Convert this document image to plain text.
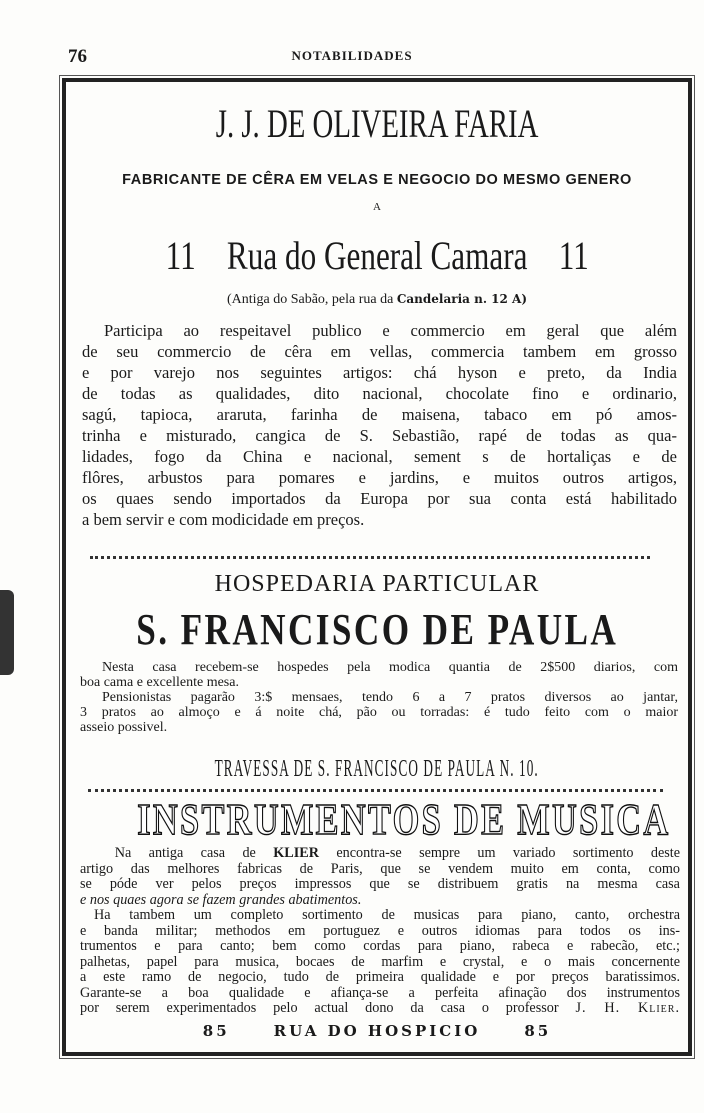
76	NOTABILIDADES
J. J. DE OLIVEIRA FARIA
FABRICANTE DE CÊRA EM VELAS E NEGOCIO DO MESMO GENERO
A
11 Rua do General Camara 11
(Antiga do Sabão, pela rua da Candelaria n. 12 A)
Participa ao respeitavel publico e commercio em geral que além
de seu commercio de cêra em vellas, commercia tambem em grosso
e por varejo nos seguintes artigos: chá hyson e preto, da India
de todas as qualidades, dito nacional, chocolate fino e ordinario,
sagú, tapioca, araruta, farinha de maisena, tabaco em pó amos-
trinha e misturado, cangica de S. Sebastião, rapé de todas as qua-
lidades, fogo da China e nacional, sement s de hortaliças e de
flôres, arbustos para pomares e jardins, e muitos outros artigos,
os quaes sendo importados da Europa por sua conta está habilitado
a bem servir e com modicidade em preços.
HOSPEDARIA PARTICULAR
S. FRANCISCO DE PAULA
Nesta casa recebem-se hospedes pela modica quantia de 2$500 diarios, com
boa cama e excellente mesa.
Pensionistas pagarão 3:$ mensaes, tendo 6 a 7 pratos diversos ao jantar,
3 pratos ao almoço e á noite chá, pão ou torradas: é tudo feito com o maior
asseio possivel.
TRAVESSA DE S. FRANCISCO DE PAULA N. 10.
INSTRUMENTOS DE MUSICA
Na antiga casa de KLIER encontra-se sempre um variado sortimento deste
artigo das melhores fabricas de Paris, que se vendem muito em conta, como
se póde ver pelos preços impressos que se distribuem gratis na mesma casa
e nos quaes agora se fazem grandes abatimentos.
Ha tambem um completo sortimento de musicas para piano, canto, orchestra
e banda militar; methodos em portuguez e outros idiomas para todos os ins-
trumentos e para canto; bem como cordas para piano, rabeca e rabecão, etc.;
palhetas, papel para musica, bocaes de marfim e crystal, e o mais concernente
a este ramo de negocio, tudo de primeira qualidade e por preços baratissimos.
Garante-se a boa qualidade e afiança-se a perfeita afinação dos instrumentos
por serem experimentados pelo actual dono da casa o professor J. H. Klier.
85	RUA DO HOSPICIO	85
